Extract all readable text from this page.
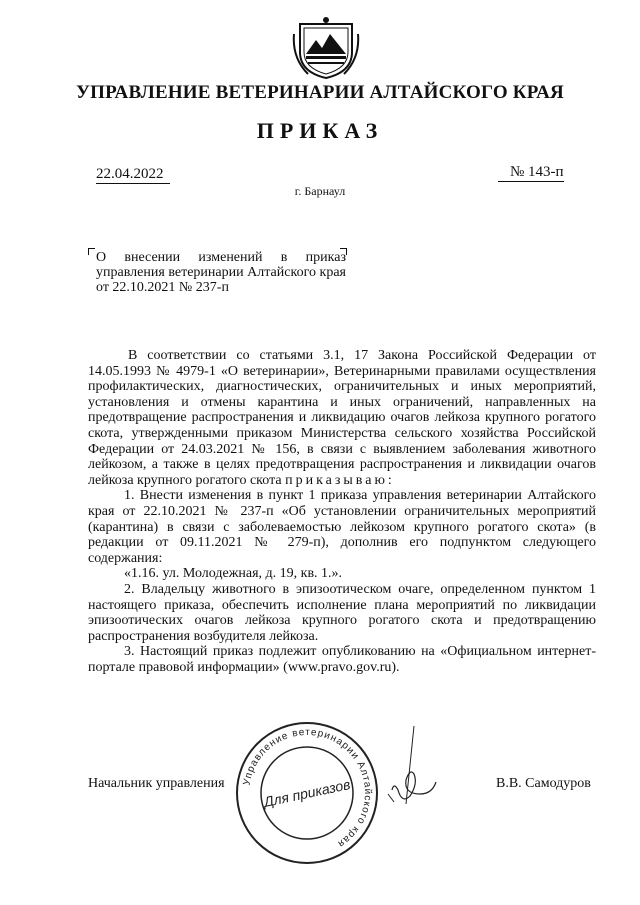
УПРАВЛЕНИЕ ВЕТЕРИНАРИИ АЛТАЙСКОГО КРАЯ
ПРИКАЗ
22.04.2022	№ 143-п
г. Барнаул
О внесении изменений в приказ управления ветеринарии Алтайского края от 22.10.2021 № 237-п

В соответствии со статьями 3.1, 17 Закона Российской Федерации от 14.05.1993 № 4979-1 «О ветеринарии», Ветеринарными правилами осуществления профилактических, диагностических, ограничительных и иных мероприятий, установления и отмены карантина и иных ограничений, направленных на предотвращение распространения и ликвидацию очагов лейкоза крупного рогатого скота, утвержденными приказом Министерства сельского хозяйства Российской Федерации от 24.03.2021 № 156, в связи с выявлением заболевания животного лейкозом, а также в целях предотвращения распространения и ликвидации очагов лейкоза крупного рогатого скота приказываю:

1. Внести изменения в пункт 1 приказа управления ветеринарии Алтайского края от 22.10.2021 № 237-п «Об установлении ограничительных мероприятий (карантина) в связи с заболеваемостью лейкозом крупного рогатого скота» (в редакции от 09.11.2021 № 279-п), дополнив его подпунктом следующего содержания:

«1.16. ул. Молодежная, д. 19, кв. 1.».

2. Владельцу животного в эпизоотическом очаге, определенном пунктом 1 настоящего приказа, обеспечить исполнение плана мероприятий по ликвидации эпизоотических очагов лейкоза крупного рогатого скота и предотвращению распространения возбудителя лейкоза.

3. Настоящий приказ подлежит опубликованию на «Официальном интернет-портале правовой информации» (www.pravo.gov.ru).

Управление ветеринарии Алтайского края
Для приказов
Начальник управления	В.В. Самодуров
